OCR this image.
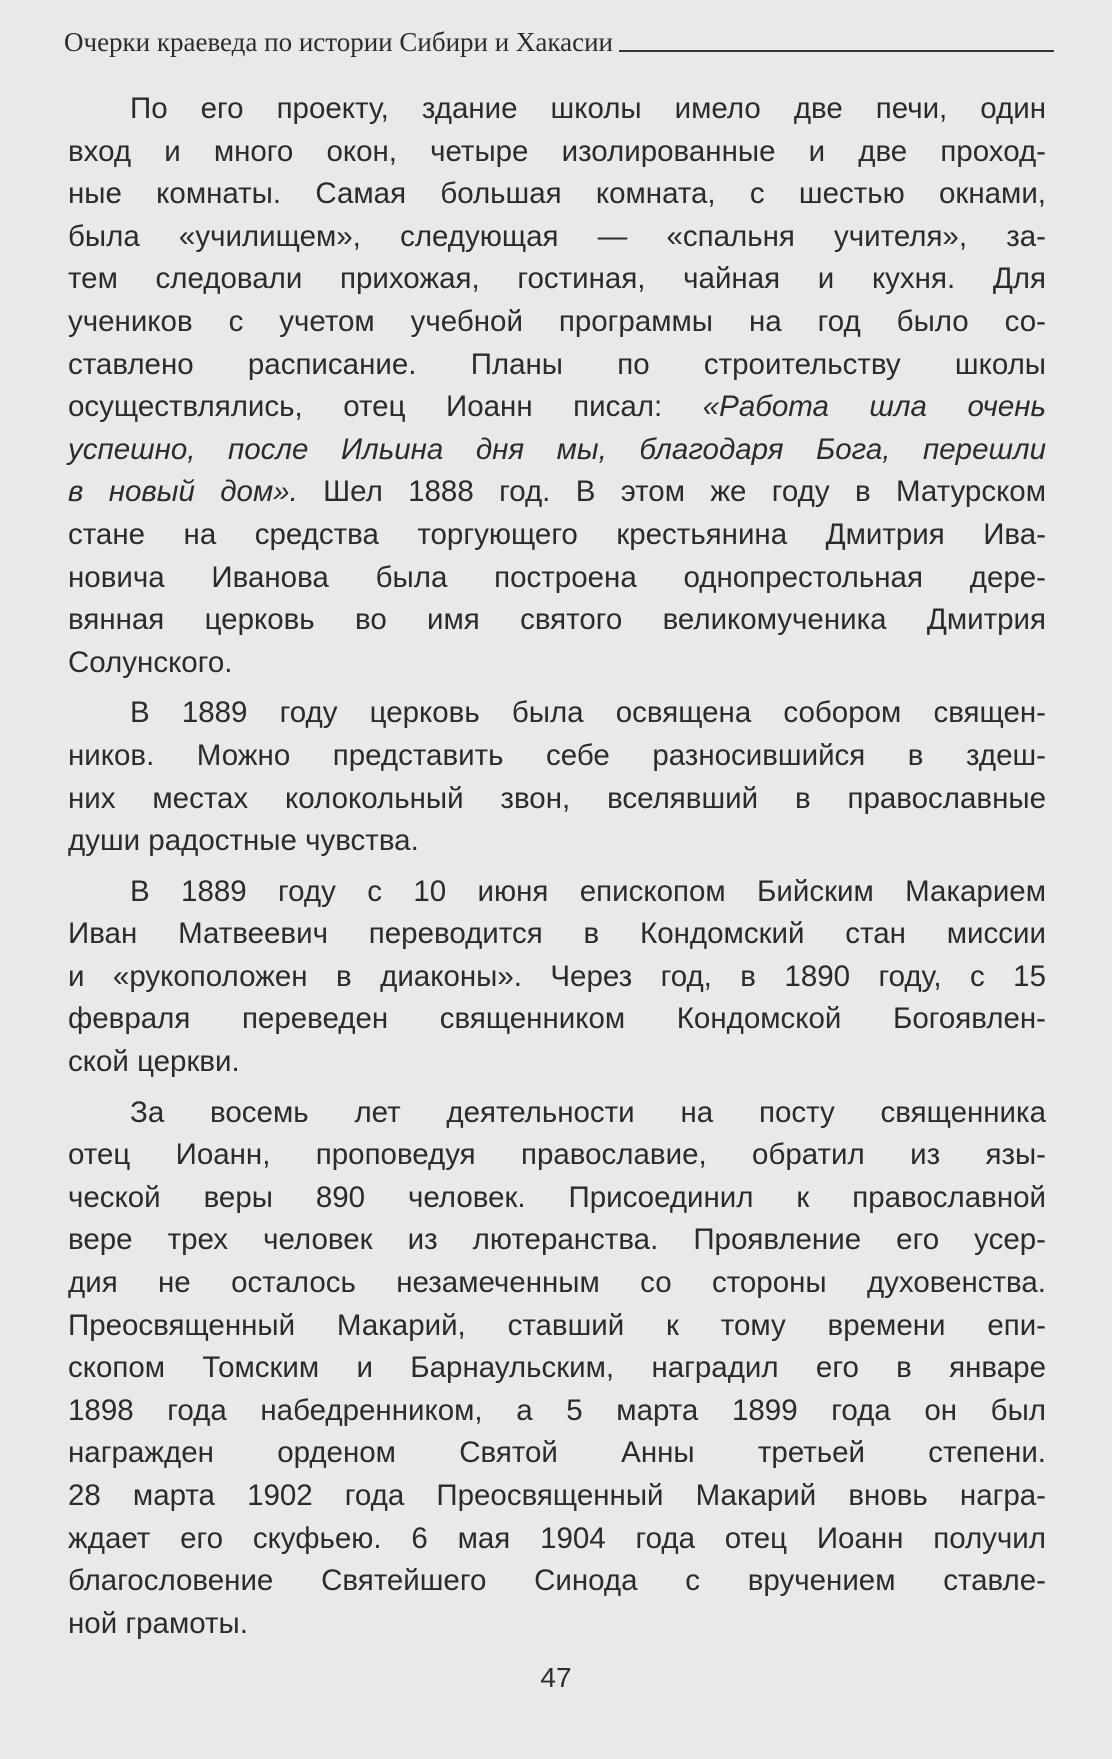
Очерки краеведа по истории Сибири и Хакасии
По его проекту, здание школы имело две печи, один
вход и много окон, четыре изолированные и две проход-
ные комнаты. Самая большая комната, с шестью окнами,
была «училищем», следующая — «спальня учителя», за-
тем следовали прихожая, гостиная, чайная и кухня. Для
учеников с учетом учебной программы на год было со-
ставлено расписание. Планы по строительству школы
осуществлялись, отец Иоанн писал: «Работа шла очень
успешно, после Ильина дня мы, благодаря Бога, перешли
в новый дом». Шел 1888 год. В этом же году в Матурском
стане на средства торгующего крестьянина Дмитрия Ива-
новича Иванова была построена однопрестольная дере-
вянная церковь во имя святого великомученика Дмитрия
Солунского.
В 1889 году церковь была освящена собором священ-
ников. Можно представить себе разносившийся в здеш-
них местах колокольный звон, вселявший в православные
души радостные чувства.
В 1889 году с 10 июня епископом Бийским Макарием
Иван Матвеевич переводится в Кондомский стан миссии
и «рукоположен в диаконы». Через год, в 1890 году, с 15
февраля переведен священником Кондомской Богоявлен-
ской церкви.
За восемь лет деятельности на посту священника
отец Иоанн, проповедуя православие, обратил из язы-
ческой веры 890 человек. Присоединил к православной
вере трех человек из лютеранства. Проявление его усер-
дия не осталось незамеченным со стороны духовенства.
Преосвященный Макарий, ставший к тому времени епи-
скопом Томским и Барнаульским, наградил его в январе
1898 года набедренником, а 5 марта 1899 года он был
награжден орденом Святой Анны третьей степени.
28 марта 1902 года Преосвященный Макарий вновь награ-
ждает его скуфьею. 6 мая 1904 года отец Иоанн получил
благословение Святейшего Синода с вручением ставле-
ной грамоты.
47
